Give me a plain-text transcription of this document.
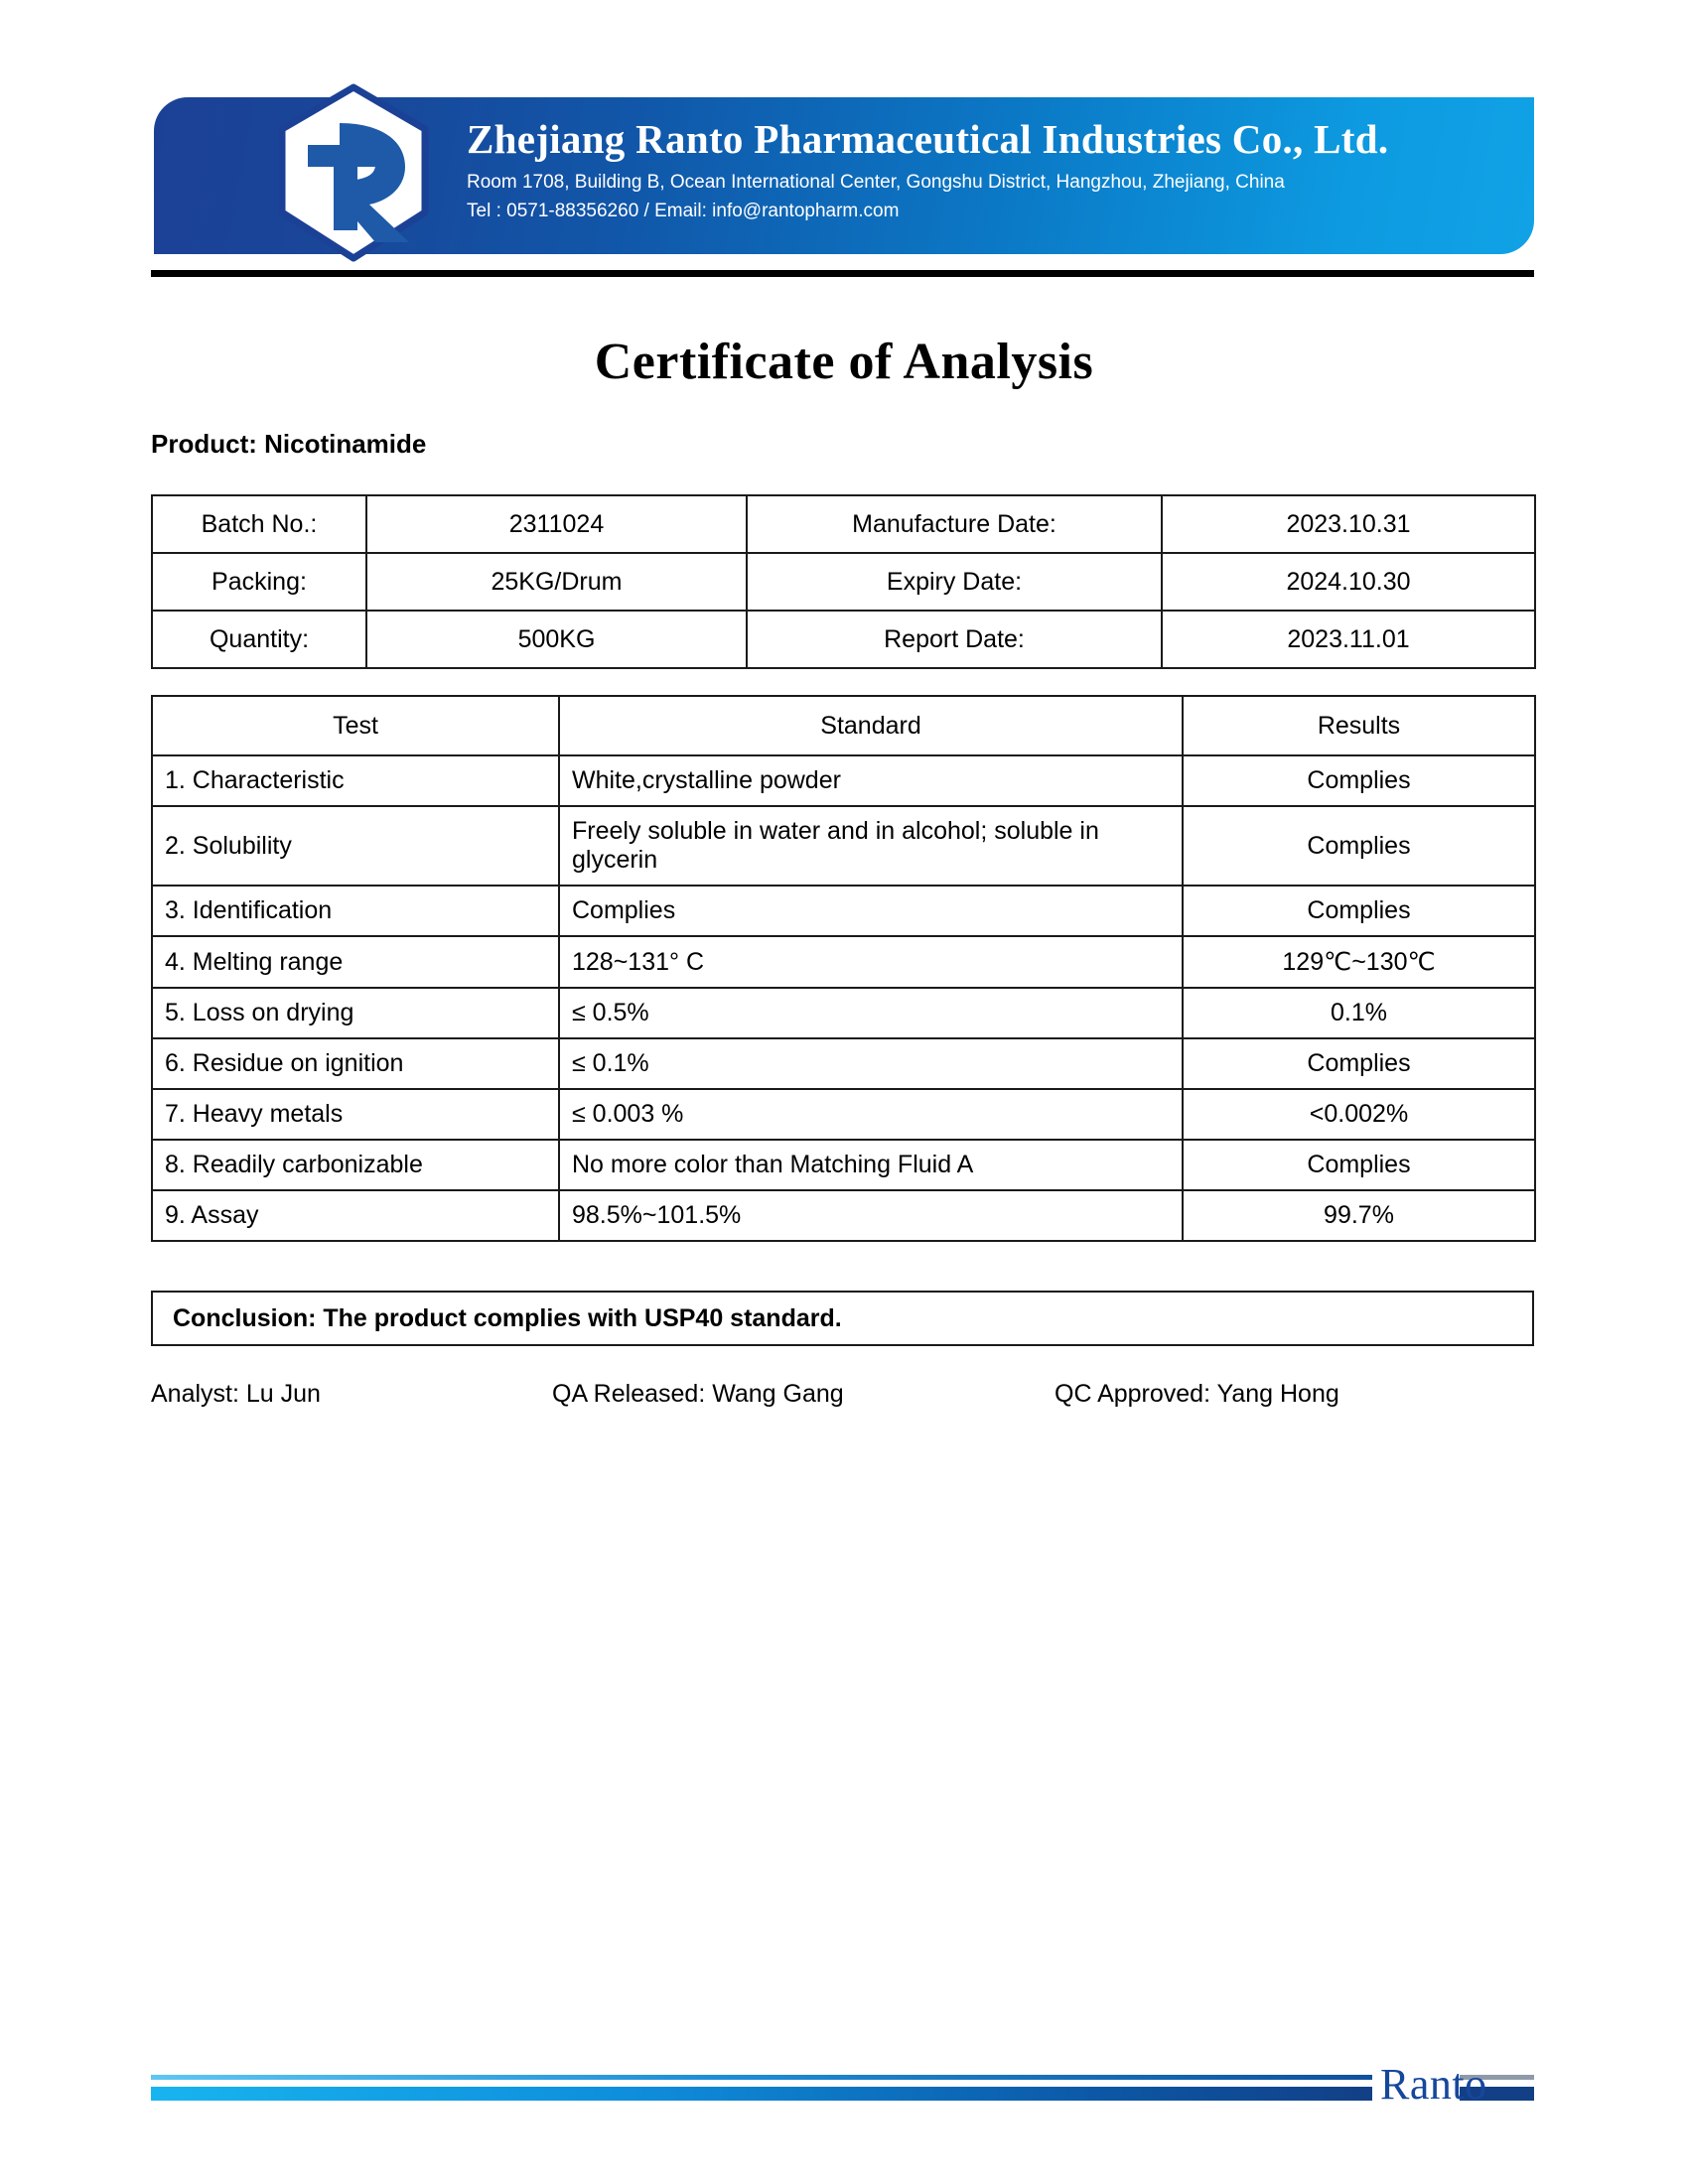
Zhejiang Ranto Pharmaceutical Industries Co., Ltd.
Room 1708, Building B, Ocean International Center, Gongshu District, Hangzhou, Zhejiang, China
Tel : 0571-88356260 / Email: info@rantopharm.com
Certificate of Analysis
Product: Nicotinamide
Batch No.:	2311024	Manufacture Date:	2023.10.31
Packing:	25KG/Drum	Expiry Date:	2024.10.30
Quantity:	500KG	Report Date:	2023.11.01
Test	Standard	Results
1. Characteristic	White,crystalline powder	Complies
2. Solubility	Freely soluble in water and in alcohol; soluble in glycerin	Complies
3. Identification	Complies	Complies
4. Melting range	128~131° C	129℃~130℃
5. Loss on drying	≤ 0.5%	0.1%
6. Residue on ignition	≤ 0.1%	Complies
7. Heavy metals	≤ 0.003 %	<0.002%
8. Readily carbonizable	No more color than Matching Fluid A	Complies
9. Assay	98.5%~101.5%	99.7%
Conclusion: The product complies with USP40 standard.
Analyst: Lu Jun	QA Released: Wang Gang	QC Approved: Yang Hong
Ranto
